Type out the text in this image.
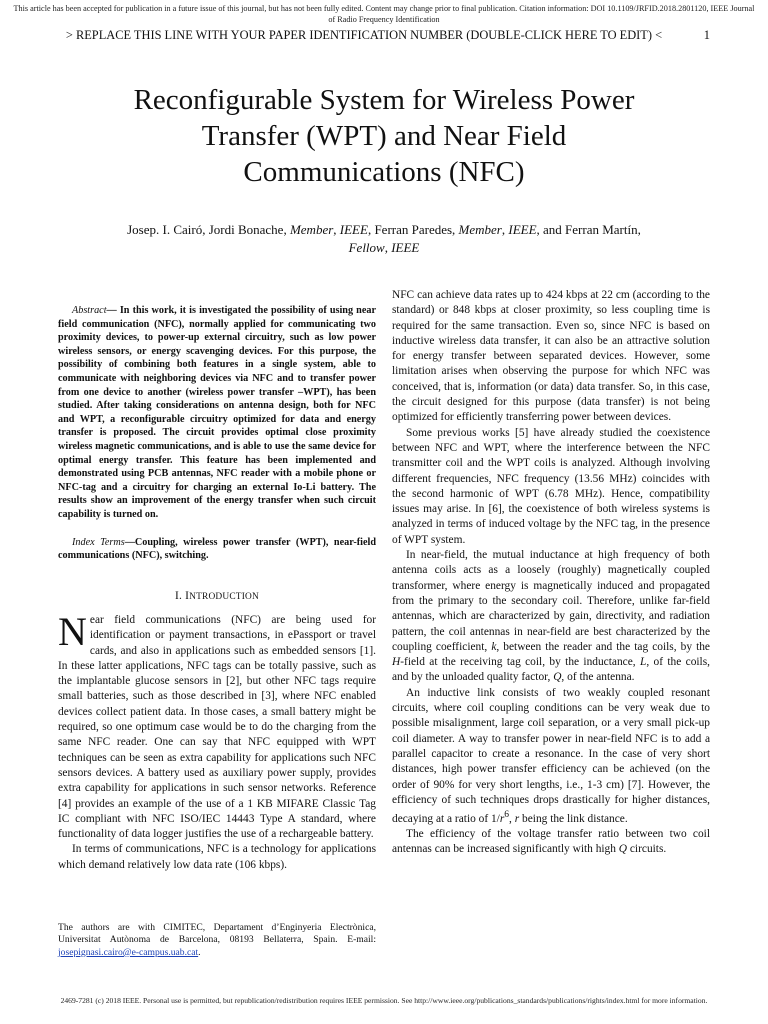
This article has been accepted for publication in a future issue of this journal, but has not been fully edited. Content may change prior to final publication. Citation information: DOI 10.1109/JRFID.2018.2801120, IEEE Journal
of Radio Frequency Identification
> REPLACE THIS LINE WITH YOUR PAPER IDENTIFICATION NUMBER (DOUBLE-CLICK HERE TO EDIT) <	1
Reconfigurable System for Wireless Power
Transfer (WPT) and Near Field
Communications (NFC)
Josep. I. Cairó, Jordi Bonache, Member, IEEE, Ferran Paredes, Member, IEEE, and Ferran Martín,
Fellow, IEEE

Abstract— In this work, it is investigated the possibility of using near field communication (NFC), normally applied for communicating two proximity devices, to power-up external circuitry, such as low power wireless sensors, or energy scavenging devices. For this purpose, the possibility of combining both features in a single system, able to communicate with neighboring devices via NFC and to transfer power from one device to another (wireless power transfer –WPT), has been studied. After taking considerations on antenna design, both for NFC and WPT, a reconfigurable circuitry optimized for data and energy transfer is proposed. The circuit provides optimal close proximity wireless magnetic communications, and is able to use the same device for optimal energy transfer. This feature has been implemented and demonstrated using PCB antennas, NFC reader with a mobile phone or NFC-tag and a circuitry for charging an external Io-Li battery. The results show an improvement of the energy transfer when such circuit capability is turned on.

Index Terms—Coupling, wireless power transfer (WPT), near-field communications (NFC), switching.

I. INTRODUCTION

Near field communications (NFC) are being used for identification or payment transactions, in ePassport or travel cards, and also in applications such as embedded sensors [1]. In these latter applications, NFC tags can be totally passive, such as the implantable glucose sensors in [2], but other NFC tags require small batteries, such as those described in [3], where NFC enabled devices collect patient data. In those cases, a small battery might be required, so one optimum case would be to do the charging from the same NFC reader. One can say that NFC equipped with WPT techniques can be seen as extra capability for applications such NFC sensors devices. A battery used as auxiliary power supply, provides extra capability for applications in such sensor networks. Reference [4] provides an example of the use of a 1 KB MIFARE Classic Tag IC compliant with NFC ISO/IEC 14443 Type A standard, where functionality of data logger justifies the use of a rechargeable battery.

In terms of communications, NFC is a technology for applications which demand relatively low data rate (106 kbps).

The authors are with CIMITEC, Departament d’Enginyeria Electrònica, Universitat Autònoma de Barcelona, 08193 Bellaterra, Spain. E-mail: josepignasi.cairo@e-campus.uab.cat.

NFC can achieve data rates up to 424 kbps at 22 cm (according to the standard) or 848 kbps at closer proximity, so less coupling time is required for the same transaction. Even so, since NFC is based on inductive wireless data transfer, it can also be an attractive solution for energy transfer between separated devices. However, some limitation arises when observing the purpose for which NFC was conceived, that is, information (or data) data transfer. So, in this case, the circuit designed for this purpose (data transfer) is not being optimized for efficiently transferring power between devices.

Some previous works [5] have already studied the coexistence between NFC and WPT, where the interference between the NFC transmitter coil and the WPT coils is analyzed. Although involving different frequencies, NFC frequency (13.56 MHz) coincides with the second harmonic of WPT (6.78 MHz). Hence, compatibility issues may arise. In [6], the coexistence of both wireless systems is analyzed in terms of induced voltage by the NFC tag, in the presence of WPT system.

In near-field, the mutual inductance at high frequency of both antenna coils acts as a loosely (roughly) magnetically coupled transformer, where energy is magnetically induced and propagated from the primary to the secondary coil. Therefore, unlike far-field antennas, which are characterized by gain, directivity, and radiation pattern, the coil antennas in near-field are best characterized by the coupling coefficient, k, between the reader and the tag coils, by the H-field at the receiving tag coil, by the inductance, L, of the coils, and by the unloaded quality factor, Q, of the antenna.

An inductive link consists of two weakly coupled resonant circuits, where coil coupling conditions can be very weak due to possible misalignment, large coil separation, or a very small pick-up coil diameter. A way to transfer power in near-field NFC is to add a parallel capacitor to create a resonance. In the case of very short distances, high power transfer efficiency can be achieved (on the order of 90% for very short lengths, i.e., 1-3 cm) [7]. However, the efficiency of such techniques drops drastically for higher distances, decaying at a ratio of $1/r^6$, r being the link distance.

The efficiency of the voltage transfer ratio between two coil antennas can be increased significantly with high Q circuits.

2469-7281 (c) 2018 IEEE. Personal use is permitted, but republication/redistribution requires IEEE permission. See http://www.ieee.org/publications_standards/publications/rights/index.html for more information.
